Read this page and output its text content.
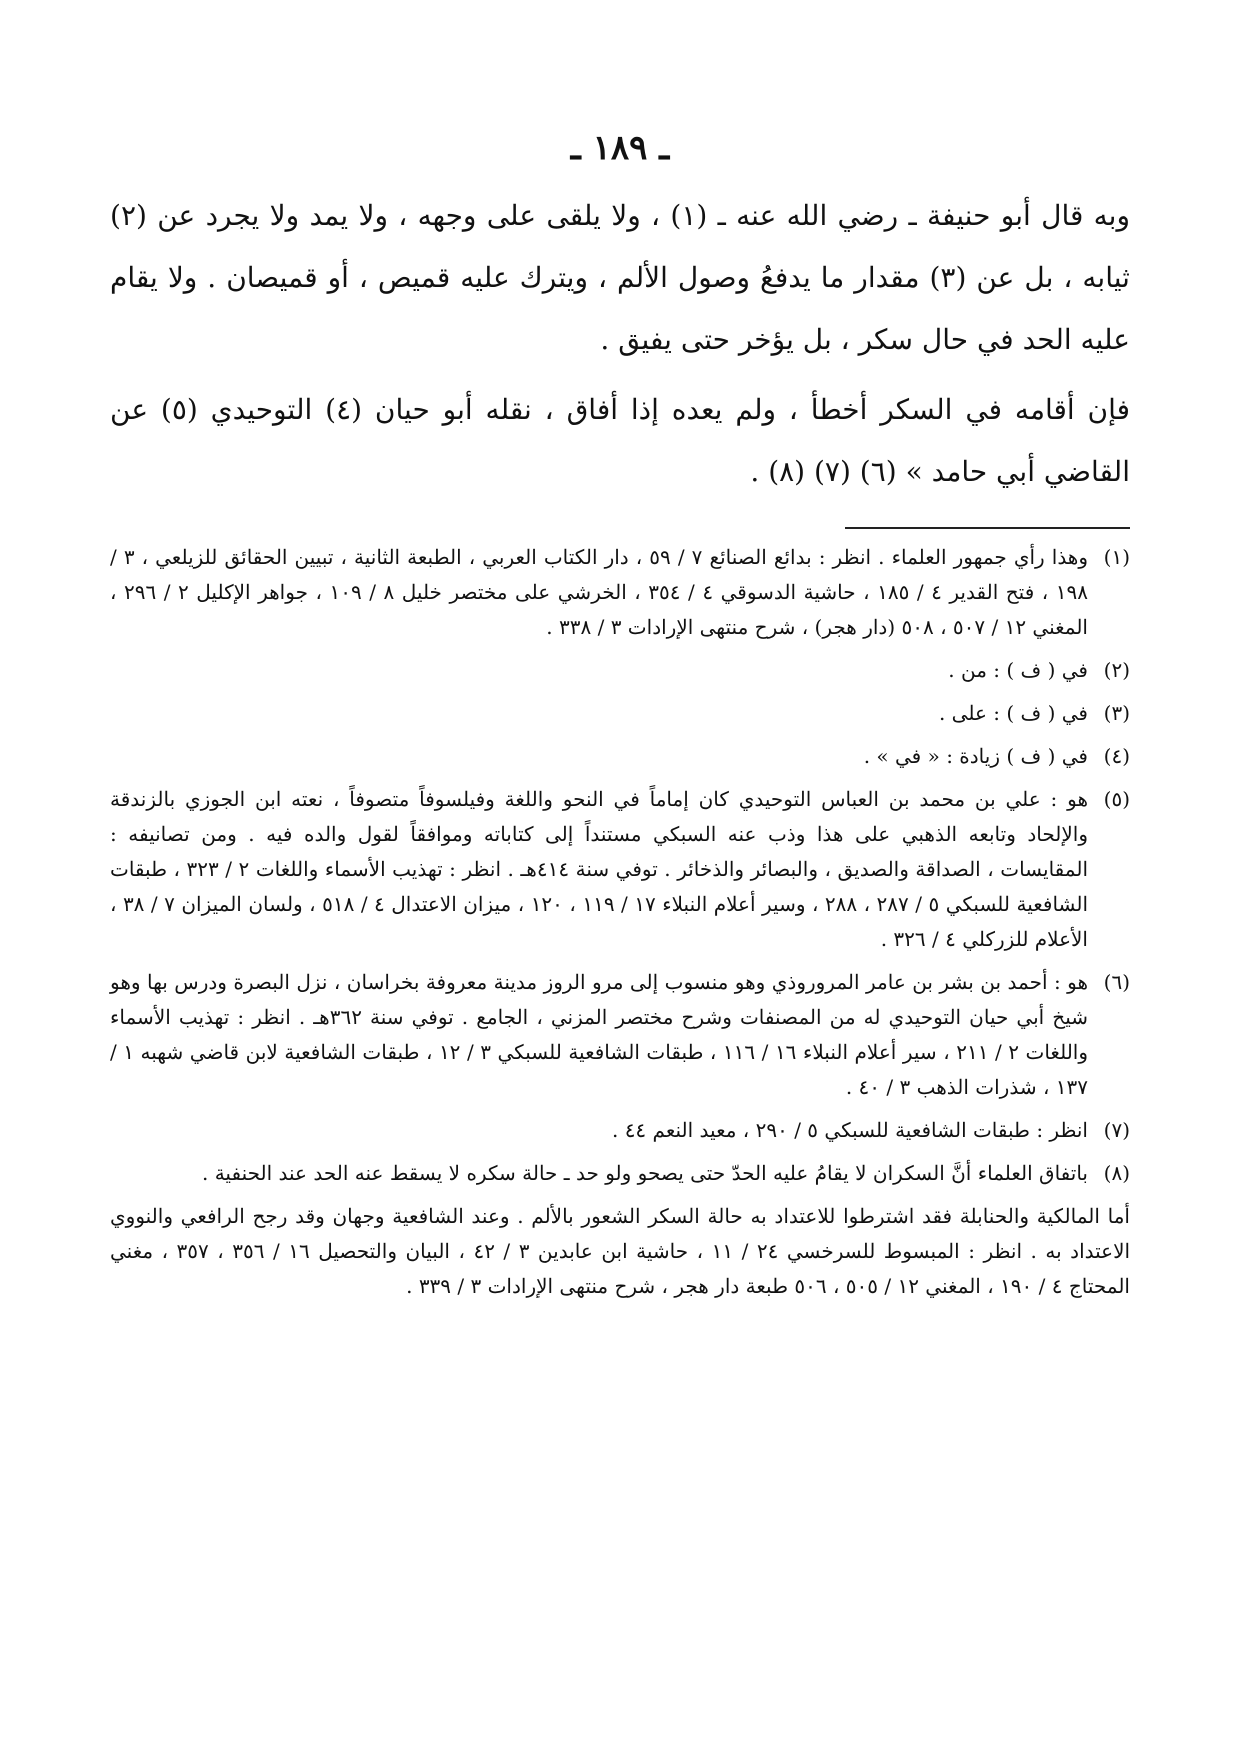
ـ ١٨٩ ـ

وبه قال أبو حنيفة ـ رضي الله عنه ـ (١) ، ولا يلقى على وجهه ، ولا يمد ولا يجرد عن (٢) ثيابه ، بل عن (٣) مقدار ما يدفعُ وصول الألم ، ويترك عليه قميص ، أو قميصان . ولا يقام عليه الحد في حال سكر ، بل يؤخر حتى يفيق .

فإن أقامه في السكر أخطأ ، ولم يعده إذا أفاق ، نقله أبو حيان (٤) التوحيدي (٥) عن القاضي أبي حامد » (٦) (٧) (٨) .

(١)
وهذا رأي جمهور العلماء . انظر : بدائع الصنائع ٧ / ٥٩ ، دار الكتاب العربي ، الطبعة الثانية ، تبيين الحقائق للزيلعي ، ٣ / ١٩٨ ، فتح القدير ٤ / ١٨٥ ، حاشية الدسوقي ٤ / ٣٥٤ ، الخرشي على مختصر خليل ٨ / ١٠٩ ، جواهر الإكليل ٢ / ٢٩٦ ، المغني ١٢ / ٥٠٧ ، ٥٠٨ (دار هجر) ، شرح منتهى الإرادات ٣ / ٣٣٨ .
(٢)
في ( ف ) : من .
(٣)
في ( ف ) : على .
(٤)
في ( ف ) زيادة : « في » .
(٥)
هو : علي بن محمد بن العباس التوحيدي كان إماماً في النحو واللغة وفيلسوفاً متصوفاً ، نعته ابن الجوزي بالزندقة والإلحاد وتابعه الذهبي على هذا وذب عنه السبكي مستنداً إلى كتاباته وموافقاً لقول والده فيه . ومن تصانيفه : المقايسات ، الصداقة والصديق ، والبصائر والذخائر . توفي سنة ٤١٤هـ . انظر : تهذيب الأسماء واللغات ٢ / ٣٢٣ ، طبقات الشافعية للسبكي ٥ / ٢٨٧ ، ٢٨٨ ، وسير أعلام النبلاء ١٧ / ١١٩ ، ١٢٠ ، ميزان الاعتدال ٤ / ٥١٨ ، ولسان الميزان ٧ / ٣٨ ، الأعلام للزركلي ٤ / ٣٢٦ .
(٦)
هو : أحمد بن بشر بن عامر المروروذي وهو منسوب إلى مرو الروز مدينة معروفة بخراسان ، نزل البصرة ودرس بها وهو شيخ أبي حيان التوحيدي له من المصنفات وشرح مختصر المزني ، الجامع . توفي سنة ٣٦٢هـ . انظر : تهذيب الأسماء واللغات ٢ / ٢١١ ، سير أعلام النبلاء ١٦ / ١١٦ ، طبقات الشافعية للسبكي ٣ / ١٢ ، طبقات الشافعية لابن قاضي شهبه ١ / ١٣٧ ، شذرات الذهب ٣ / ٤٠ .
(٧)
انظر : طبقات الشافعية للسبكي ٥ / ٢٩٠ ، معيد النعم ٤٤ .
(٨)
باتفاق العلماء أنَّ السكران لا يقامُ عليه الحدّ حتى يصحو ولو حد ـ حالة سكره لا يسقط عنه الحد عند الحنفية .

أما المالكية والحنابلة فقد اشترطوا للاعتداد به حالة السكر الشعور بالألم . وعند الشافعية وجهان وقد رجح الرافعي والنووي الاعتداد به . انظر : المبسوط للسرخسي ٢٤ / ١١ ، حاشية ابن عابدين ٣ / ٤٢ ، البيان والتحصيل ١٦ / ٣٥٦ ، ٣٥٧ ، مغني المحتاج ٤ / ١٩٠ ، المغني ١٢ / ٥٠٥ ، ٥٠٦ طبعة دار هجر ، شرح منتهى الإرادات ٣ / ٣٣٩ .
